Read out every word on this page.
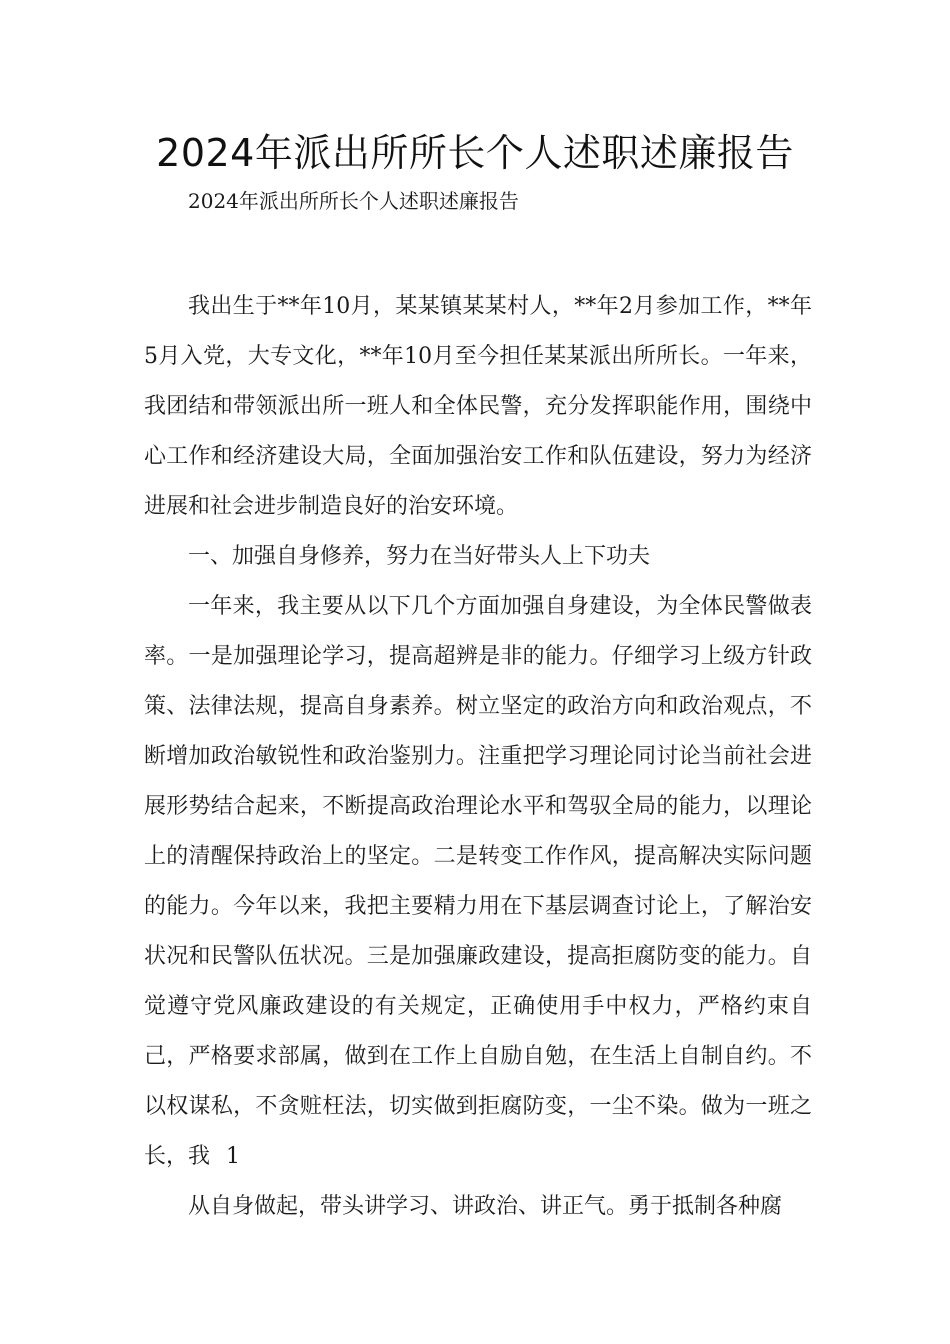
2024年派出所所长个人述职述廉报告
2024年派出所所长个人述职述廉报告

我出生于**年10月，某某镇某某村人，**年2月参加工作，**年5月入党，大专文化，**年10月至今担任某某派出所所长。一年来，我团结和带领派出所一班人和全体民警，充分发挥职能作用，围绕中心工作和经济建设大局，全面加强治安工作和队伍建设，努力为经济进展和社会进步制造良好的治安环境。

一、加强自身修养，努力在当好带头人上下功夫

一年来，我主要从以下几个方面加强自身建设，为全体民警做表率。一是加强理论学习，提高超辨是非的能力。仔细学习上级方针政策、法律法规，提高自身素养。树立坚定的政治方向和政治观点，不断增加政治敏锐性和政治鉴别力。注重把学习理论同讨论当前社会进展形势结合起来，不断提高政治理论水平和驾驭全局的能力，以理论上的清醒保持政治上的坚定。二是转变工作作风，提高解决实际问题的能力。今年以来，我把主要精力用在下基层调查讨论上，了解治安状况和民警队伍状况。三是加强廉政建设，提高拒腐防变的能力。自觉遵守党风廉政建设的有关规定，正确使用手中权力，严格约束自己，严格要求部属，做到在工作上自励自勉，在生活上自制自约。不以权谋私，不贪赃枉法，切实做到拒腐防变，一尘不染。做为一班之长，我 1

从自身做起，带头讲学习、讲政治、讲正气。勇于抵制各种腐
